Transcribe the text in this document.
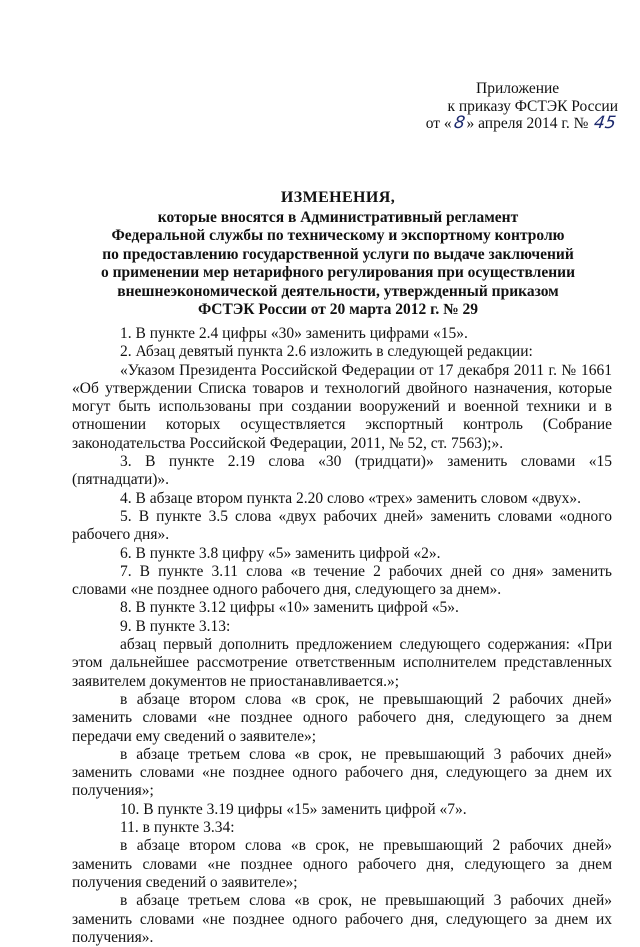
Приложение
к приказу ФСТЭК России
от «8» апреля 2014 г. № 45
ИЗМЕНЕНИЯ,
которые вносятся в Административный регламент
Федеральной службы по техническому и экспортному контролю
по предоставлению государственной услуги по выдаче заключений
о применении мер нетарифного регулирования при осуществлении
внешнеэкономической деятельности, утвержденный приказом
ФСТЭК России от 20 марта 2012 г. № 29

1. В пункте 2.4 цифры «30» заменить цифрами «15».

2. Абзац девятый пункта 2.6 изложить в следующей редакции:

«Указом Президента Российской Федерации от 17 декабря 2011 г. № 1661 «Об утверждении Списка товаров и технологий двойного назначения, которые могут быть использованы при создании вооружений и военной техники и в отношении которых осуществляется экспортный контроль (Собрание законодательства Российской Федерации, 2011, № 52, ст. 7563);».

3. В пункте 2.19 слова «30 (тридцати)» заменить словами «15 (пятнадцати)».

4. В абзаце втором пункта 2.20 слово «трех» заменить словом «двух».

5. В пункте 3.5 слова «двух рабочих дней» заменить словами «одного рабочего дня».

6. В пункте 3.8 цифру «5» заменить цифрой «2».

7. В пункте 3.11 слова «в течение 2 рабочих дней со дня» заменить словами «не позднее одного рабочего дня, следующего за днем».

8. В пункте 3.12 цифры «10» заменить цифрой «5».

9. В пункте 3.13:

абзац первый дополнить предложением следующего содержания: «При этом дальнейшее рассмотрение ответственным исполнителем представленных заявителем документов не приостанавливается.»;

в абзаце втором слова «в срок, не превышающий 2 рабочих дней» заменить словами «не позднее одного рабочего дня, следующего за днем передачи ему сведений о заявителе»;

в абзаце третьем слова «в срок, не превышающий 3 рабочих дней» заменить словами «не позднее одного рабочего дня, следующего за днем их получения»;

10. В пункте 3.19 цифры «15» заменить цифрой «7».

11. в пункте 3.34:

в абзаце втором слова «в срок, не превышающий 2 рабочих дней» заменить словами «не позднее одного рабочего дня, следующего за днем получения сведений о заявителе»;

в абзаце третьем слова «в срок, не превышающий 3 рабочих дней» заменить словами «не позднее одного рабочего дня, следующего за днем их получения».
